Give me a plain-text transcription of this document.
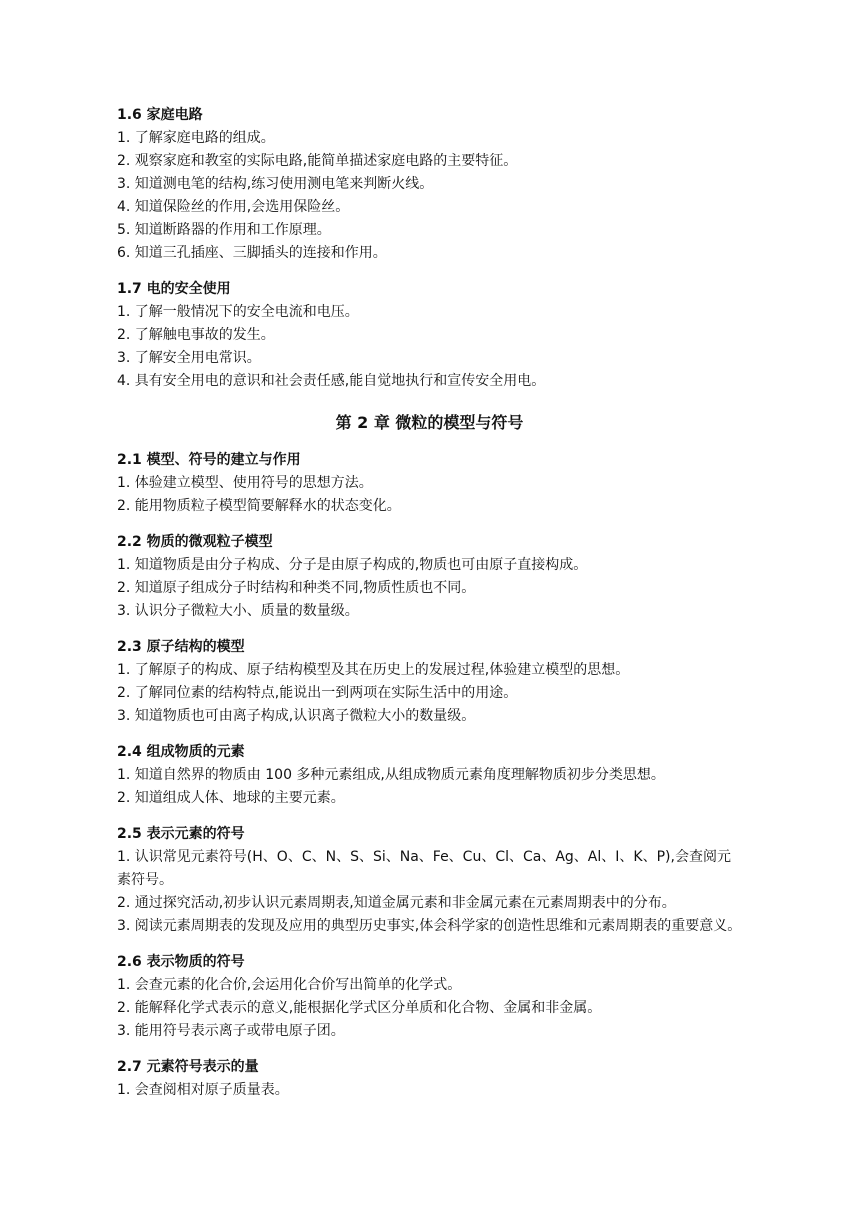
1.6 家庭电路

1. 了解家庭电路的组成。

2. 观察家庭和教室的实际电路,能简单描述家庭电路的主要特征。

3. 知道测电笔的结构,练习使用测电笔来判断火线。

4. 知道保险丝的作用,会选用保险丝。

5. 知道断路器的作用和工作原理。

6. 知道三孔插座、三脚插头的连接和作用。

1.7 电的安全使用

1. 了解一般情况下的安全电流和电压。

2. 了解触电事故的发生。

3. 了解安全用电常识。

4. 具有安全用电的意识和社会责任感,能自觉地执行和宣传安全用电。

第 2 章 微粒的模型与符号

2.1 模型、符号的建立与作用

1. 体验建立模型、使用符号的思想方法。

2. 能用物质粒子模型简要解释水的状态变化。

2.2 物质的微观粒子模型

1. 知道物质是由分子构成、分子是由原子构成的,物质也可由原子直接构成。

2. 知道原子组成分子时结构和种类不同,物质性质也不同。

3. 认识分子微粒大小、质量的数量级。

2.3 原子结构的模型

1. 了解原子的构成、原子结构模型及其在历史上的发展过程,体验建立模型的思想。

2. 了解同位素的结构特点,能说出一到两项在实际生活中的用途。

3. 知道物质也可由离子构成,认识离子微粒大小的数量级。

2.4 组成物质的元素

1. 知道自然界的物质由 100 多种元素组成,从组成物质元素角度理解物质初步分类思想。

2. 知道组成人体、地球的主要元素。

2.5 表示元素的符号

1. 认识常见元素符号(H、O、C、N、S、Si、Na、Fe、Cu、Cl、Ca、Ag、Al、I、K、P),会查阅元素符号。

2. 通过探究活动,初步认识元素周期表,知道金属元素和非金属元素在元素周期表中的分布。

3. 阅读元素周期表的发现及应用的典型历史事实,体会科学家的创造性思维和元素周期表的重要意义。

2.6 表示物质的符号

1. 会查元素的化合价,会运用化合价写出简单的化学式。

2. 能解释化学式表示的意义,能根据化学式区分单质和化合物、金属和非金属。

3. 能用符号表示离子或带电原子团。

2.7 元素符号表示的量

1. 会查阅相对原子质量表。
